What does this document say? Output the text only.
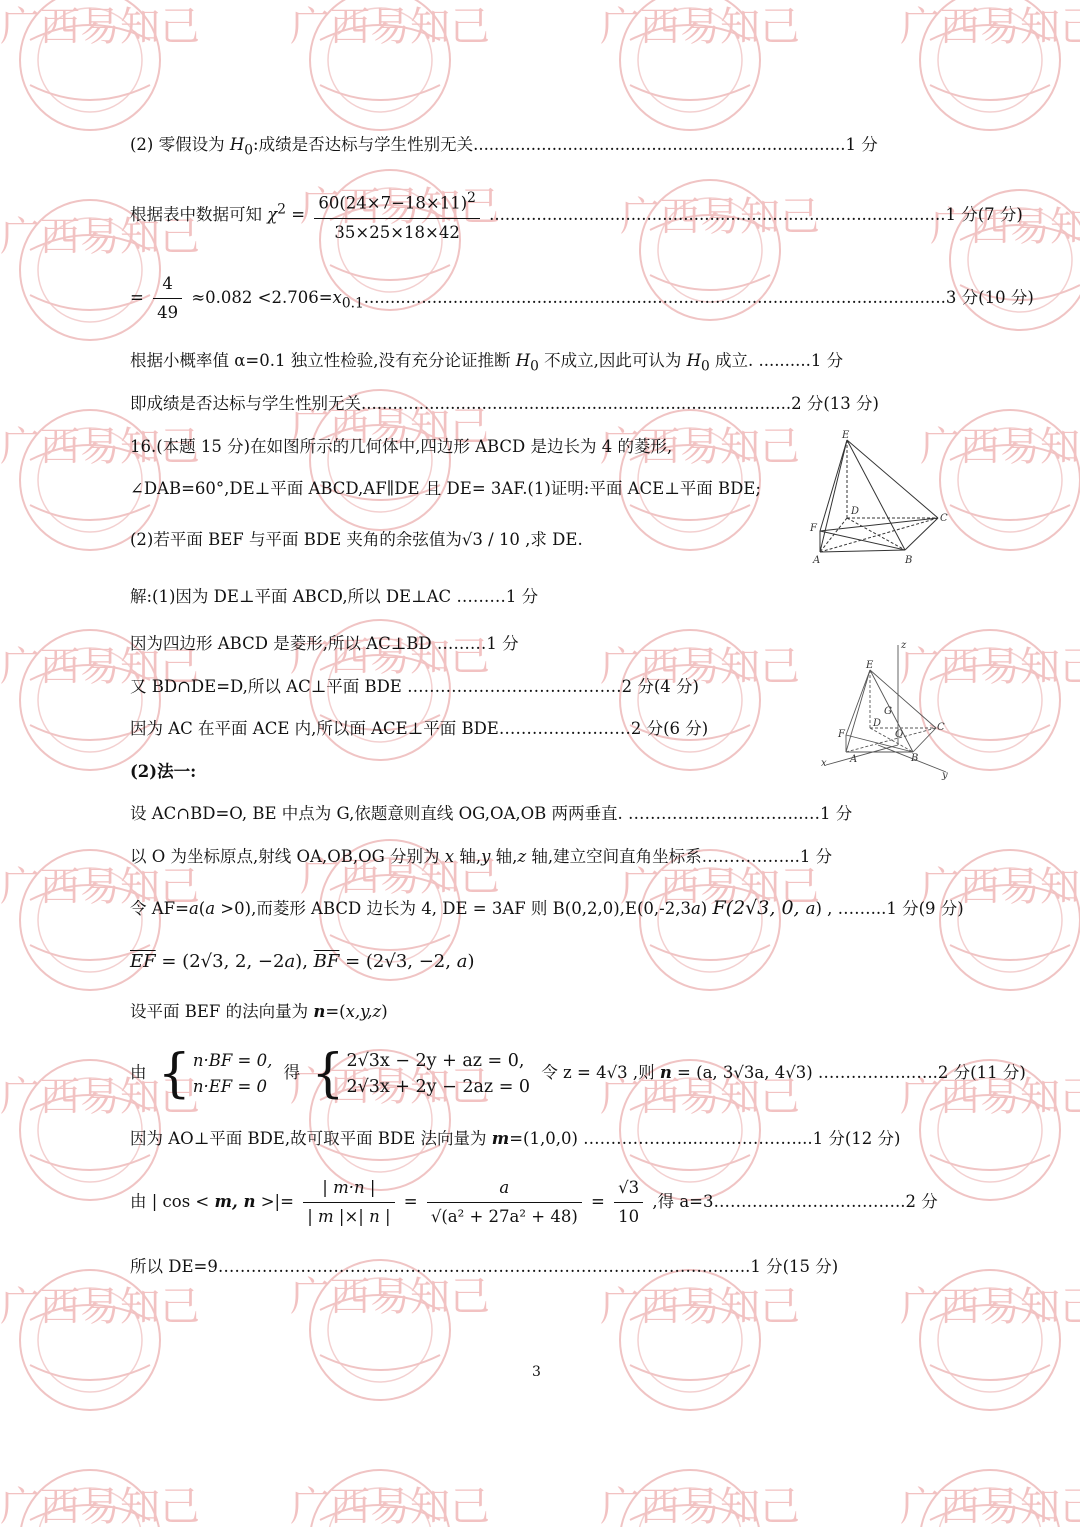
(2) 零假设为 $H_0$:成绩是否达标与学生性别无关.......................................................................1 分
根据表中数据可知 $\chi^2 = \frac{60(24\times 7-18\times 11)^2}{35\times 25\times 18\times 42} .......................................................................................1$ 分(7 分)
= $\frac{4}{49} \approx 0.082 <2.706=x_{0.1}$...............................................................................................................3 分(10 分)
根据小概率值 α=0.1 独立性检验,没有充分论证推断 $H_0$ 不成立,因此可认为 $H_0$ 成立. ..........1 分
即成绩是否达标与学生性别无关..................................................................................2 分(13 分)
16.(本题 15 分)在如图所示的几何体中,四边形 ABCD 是边长为 4 的菱形,
∠DAB=60°,DE⊥平面 ABCD,AF∥DE 且 DE= 3AF.(1)证明:平面 ACE⊥平面 BDE;
(2)若平面 BEF 与平面 BDE 夹角的余弦值为√3 / 10 ,求 DE.
解:(1)因为 DE⊥平面 ABCD,所以 DE⊥AC ………1 分
因为四边形 ABCD 是菱形,所以 AC⊥BD ………1 分
又 BD∩DE=D,所以 AC⊥平面 BDE …………………………………2 分(4 分)
因为 AC 在平面 ACE 内,所以面 ACE⊥平面 BDE……………………2 分(6 分)
(2)法一:
设 AC∩BD=O, BE 中点为 G,依题意则直线 OG,OA,OB 两两垂直. …………………………..…1 分
以 O 为坐标原点,射线 OA,OB,OG 分别为 x 轴,y 轴,z 轴,建立空间直角坐标系……………...1 分
令 AF=a(a >0),而菱形 ABCD 边长为 4, DE = 3AF 则 B(0,2,0),E(0,-2,3a) F(2√3, 0, a) , ……...1 分(9 分)
$\overline{EF} = (2√3$, 2, −2a), $\overline{BF} = (2√3$, −2, a)
设平面 BEF 的法向量为 n=(x,y,z)
由 { n·BF = 0,
n·EF = 0
得 { 2√3x − 2y + az = 0,
2√3x + 2y − 2az = 0
令 z = 4√3 ,则 n = (a, 3√3a, 4√3) ……………..…..2 分(11 分)
因为 AO⊥平面 BDE,故可取平面 BDE 法向量为 m=(1,0,0) ………………...………………...1 分(12 分)
由 | cos < m, n >|= $\frac{| m\cdot n |}{| m |\times| n |} = \frac{a}{\text{√(a² + 27a² + 48)}} = \frac{√3}{10}$ ,得 a=3……………………………..2 分
所以 DE=9………………………………………………………………………………..…..1 分(15 分)
3
E
D
C
F
A	B
z
E
G
D
O
C
F
A	B
x
y
